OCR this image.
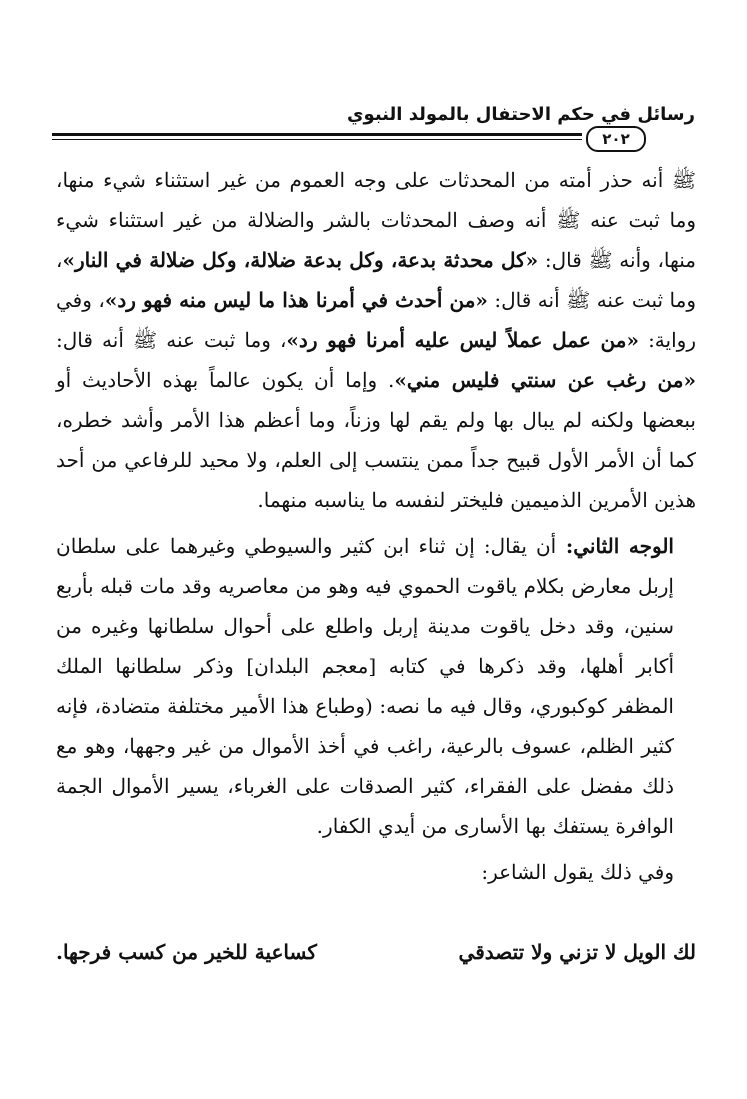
رسائل في حكم الاحتفال بالمولد النبوي
٢٠٢

ﷺ أنه حذر أمته من المحدثات على وجه العموم من غير استثناء شيء منها، وما ثبت عنه ﷺ أنه وصف المحدثات بالشر والضلالة من غير استثناء شيء منها، وأنه ﷺ قال: «كل محدثة بدعة، وكل بدعة ضلالة، وكل ضلالة في النار»، وما ثبت عنه ﷺ أنه قال: «من أحدث في أمرنا هذا ما ليس منه فهو رد»، وفي رواية: «من عمل عملاً ليس عليه أمرنا فهو رد»، وما ثبت عنه ﷺ أنه قال: «من رغب عن سنتي فليس مني». وإما أن يكون عالماً بهذه الأحاديث أو ببعضها ولكنه لم يبال بها ولم يقم لها وزناً، وما أعظم هذا الأمر وأشد خطره، كما أن الأمر الأول قبيح جداً ممن ينتسب إلى العلم، ولا محيد للرفاعي من أحد هذين الأمرين الذميمين فليختر لنفسه ما يناسبه منهما.

الوجه الثاني: أن يقال: إن ثناء ابن كثير والسيوطي وغيرهما على سلطان إربل معارض بكلام ياقوت الحموي فيه وهو من معاصريه وقد مات قبله بأربع سنين، وقد دخل ياقوت مدينة إربل واطلع على أحوال سلطانها وغيره من أكابر أهلها، وقد ذكرها في كتابه [معجم البلدان] وذكر سلطانها الملك المظفر كوكبوري، وقال فيه ما نصه: (وطباع هذا الأمير مختلفة متضادة، فإنه كثير الظلم، عسوف بالرعية، راغب في أخذ الأموال من غير وجهها، وهو مع ذلك مفضل على الفقراء، كثير الصدقات على الغرباء، يسير الأموال الجمة الوافرة يستفك بها الأسارى من أيدي الكفار.

وفي ذلك يقول الشاعر:

لك الويل لا تزني ولا تتصدقي
كساعية للخير من كسب فرجها.
